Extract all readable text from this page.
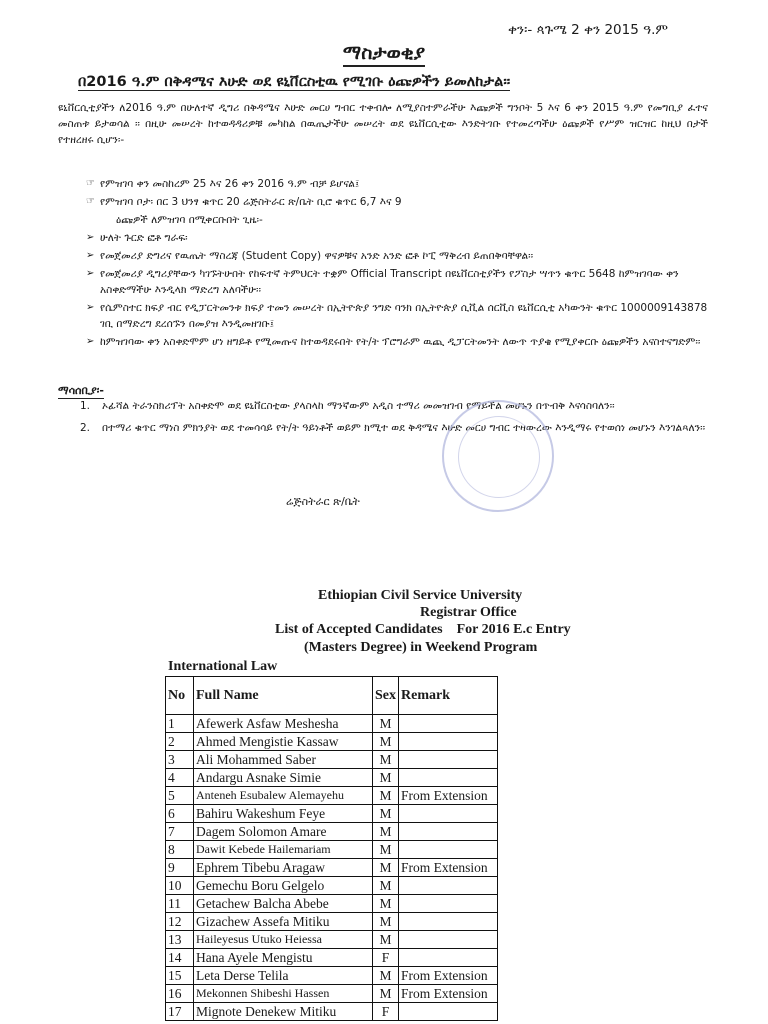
ቀን፡- ጳጉሜ 2 ቀን 2015 ዓ.ም
ማስታወቂያ
በ2016 ዓ.ም በቅዳሜና እሁድ ወደ ዩኒቨርስቲዉ የሚገቡ ዕጩዎችን ይመለከታል፡፡
ዩኒቨርሲቲያችን ለ2016 ዓ.ም በሁለተኛ ዲግሪ በቅዳሜና እሁድ መርሀ ግብር ተቀብሎ ለሚያስተምራችሁ እጩዎች ግንቦት 5 እና 6 ቀን 2015 ዓ.ም የመግቢያ ፈተና መስጠቱ ይታወሳል ፡፡ በዚሁ መሠረት ከተወዳዳሪዎቹ መካከል በዉጤታችሁ መሠረት ወደ ዩኒቨርሲቲው እንድትገቡ የተመረጣችሁ ዕጩዎች የሥም ዝርዝር ከዚህ በታች የተዘረዘሩ ሲሆን፡-
☞ የምዝገባ ቀን መስከረም 25 እና 26 ቀን 2016 ዓ.ም ብቻ ይሆናል፤
☞ የምዝገባ ቦታ፡ በር 3 ህንፃ ቁጥር 20 ሬጅስትራር ጽ/ቤት ቢሮ ቁጥር 6,7 እና 9
ዕጩዎች ለምዝገባ በሚቀርቡበት ጊዜ፡-
➢ ሁለት ጉርድ ፎቶ ግራፍ፡
➢ የመጀመሪያ ድግሪና የዉጤት ማስረጃ (Student Copy) ዋናዎቹና አንድ አንድ ፎቶ ኮፒ ማቅረብ ይጠበቅባቸዋል፡፡
➢ የመጀመሪያ ዲግሪያቸውን ካገኙትሁበት የከፍተኛ ትምህርት ተቋም Official Transcript በዩኒቨርስቲያችን የፖስታ ሣጥን ቁጥር 5648 ከምዝገባው ቀን አስቀድማችሁ እንዲላክ ማድረግ አለባችሁ፡፡
➢ የሴምስተር ክፍያ ብር የዲፓርትመንቱ ክፍያ ተመን መሠረት በኢትዮጵያ ንግድ ባንክ በኢትዮጵያ ሲቪል ሰርቪስ ዩኒቨርሲቲ አካውንት ቁጥር 1000009143878 ገቢ በማድረግ ደረሰኙን በመያዝ እንዲመዘገቡ፤
➢ ከምዝገባው ቀን አስቀድሞም ሆነ ዘግይቶ የሚመጡና ከተወዳደሩበት የት/ት ፕሮግራም ዉጪ ዲፓርትመንት ለውጥ ጥያቄ የሚያቀርቡ ዕጩዎችን አናስተናግድም፡፡
ማሳሰቢያ፡-
1.	ኦፊሻል ትራንስክሪፕት አስቀድሞ ወደ ዩኒቨርስቲው ያላስላከ ማንኛውም አዲስ ተማሪ መመዝገብ የማይችል መሆኑን በጥብቅ እናሳስባለን፡፡
2.	በተማሪ ቁጥር ማነስ ምክንያት ወደ ተመሳሳይ የት/ት ዓይነቶች ወይም ክሚተ ወደ ቅዳሜና እሁድ መርሀ ግብር ተዛውረው እንዲማሩ የተወሰነ መሆኑን እንገልጻለን፡፡
ሬጅስትራር ጽ/ቤት
Ethiopian Civil Service University
Registrar Office
List of Accepted Candidates    For 2016 E.c Entry
(Masters Degree) in Weekend Program
International Law
No	Full Name	Sex	Remark
1	Afewerk Asfaw Meshesha	M	
2	Ahmed Mengistie Kassaw	M	
3	Ali Mohammed Saber	M	
4	Andargu Asnake Simie	M	
5	Anteneh Esubalew Alemayehu	M	From Extension
6	Bahiru Wakeshum Feye	M	
7	Dagem Solomon Amare	M	
8	Dawit Kebede Hailemariam	M	
9	Ephrem Tibebu Aragaw	M	From Extension
10	Gemechu Boru Gelgelo	M	
11	Getachew Balcha Abebe	M	
12	Gizachew Assefa Mitiku	M	
13	Haileyesus Utuko Heiessa	M	
14	Hana Ayele Mengistu	F	
15	Leta Derse Telila	M	From Extension
16	Mekonnen Shibeshi Hassen	M	From Extension
17	Mignote Denekew Mitiku	F	
